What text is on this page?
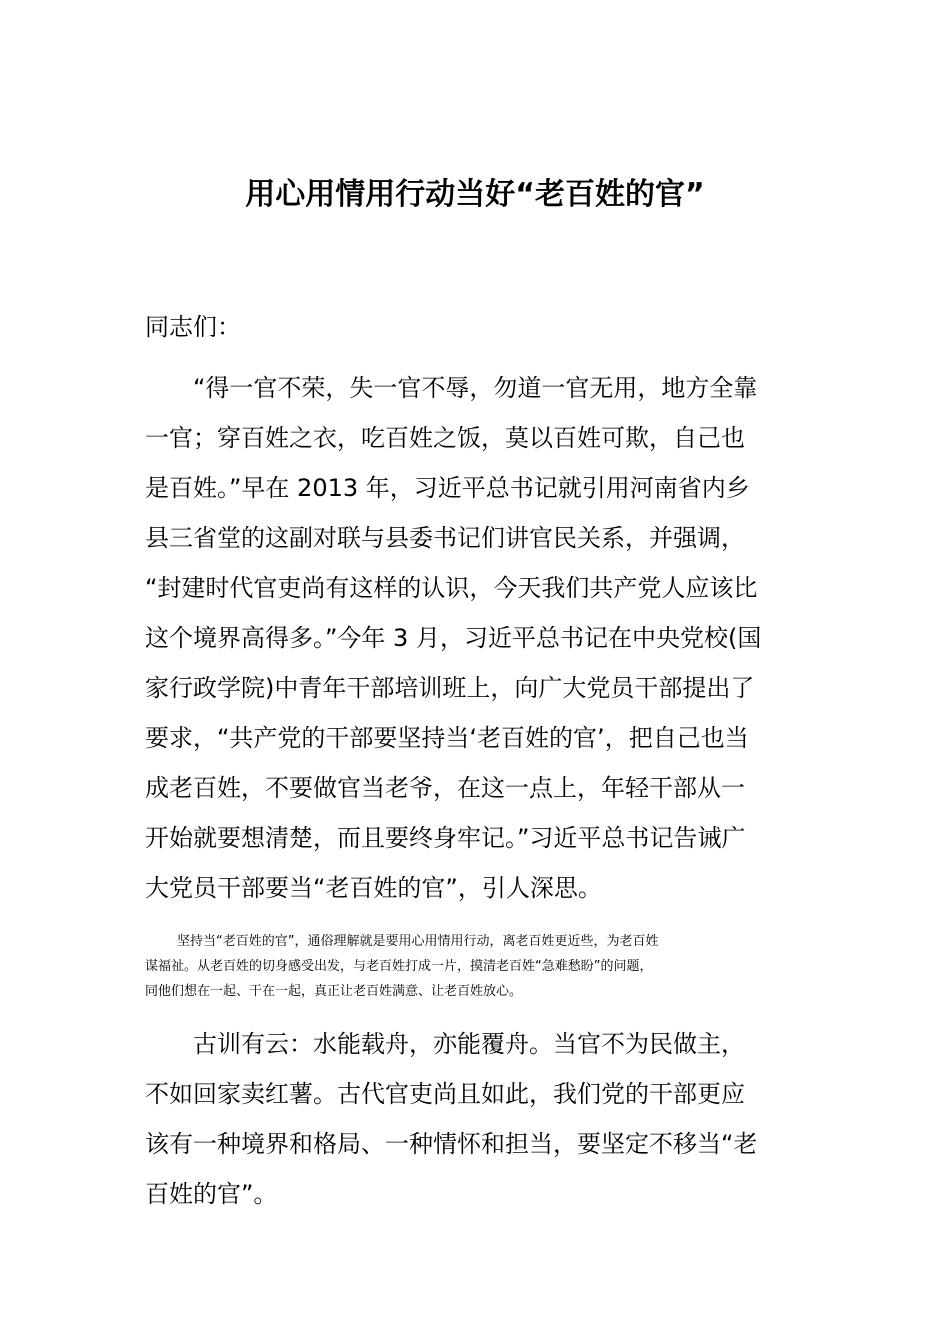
用心用情用行动当好“老百姓的官”

同志们：

“得一官不荣，失一官不辱，勿道一官无用，地方全靠

一官；穿百姓之衣，吃百姓之饭，莫以百姓可欺，自己也

是百姓。”早在 2013 年，习近平总书记就引用河南省内乡

县三省堂的这副对联与县委书记们讲官民关系，并强调，

“封建时代官吏尚有这样的认识，今天我们共产党人应该比

这个境界高得多。”今年 3 月，习近平总书记在中央党校(国

家行政学院)中青年干部培训班上，向广大党员干部提出了

要求，“共产党的干部要坚持当‘老百姓的官’，把自己也当

成老百姓，不要做官当老爷，在这一点上，年轻干部从一

开始就要想清楚，而且要终身牢记。”习近平总书记告诫广

大党员干部要当“老百姓的官”，引人深思。

坚持当“老百姓的官”，通俗理解就是要用心用情用行动，离老百姓更近些，为老百姓

谋福祉。从老百姓的切身感受出发，与老百姓打成一片，摸清老百姓“急难愁盼”的问题，

同他们想在一起、干在一起，真正让老百姓满意、让老百姓放心。

古训有云：水能载舟，亦能覆舟。当官不为民做主，

不如回家卖红薯。古代官吏尚且如此，我们党的干部更应

该有一种境界和格局、一种情怀和担当，要坚定不移当“老

百姓的官”。
